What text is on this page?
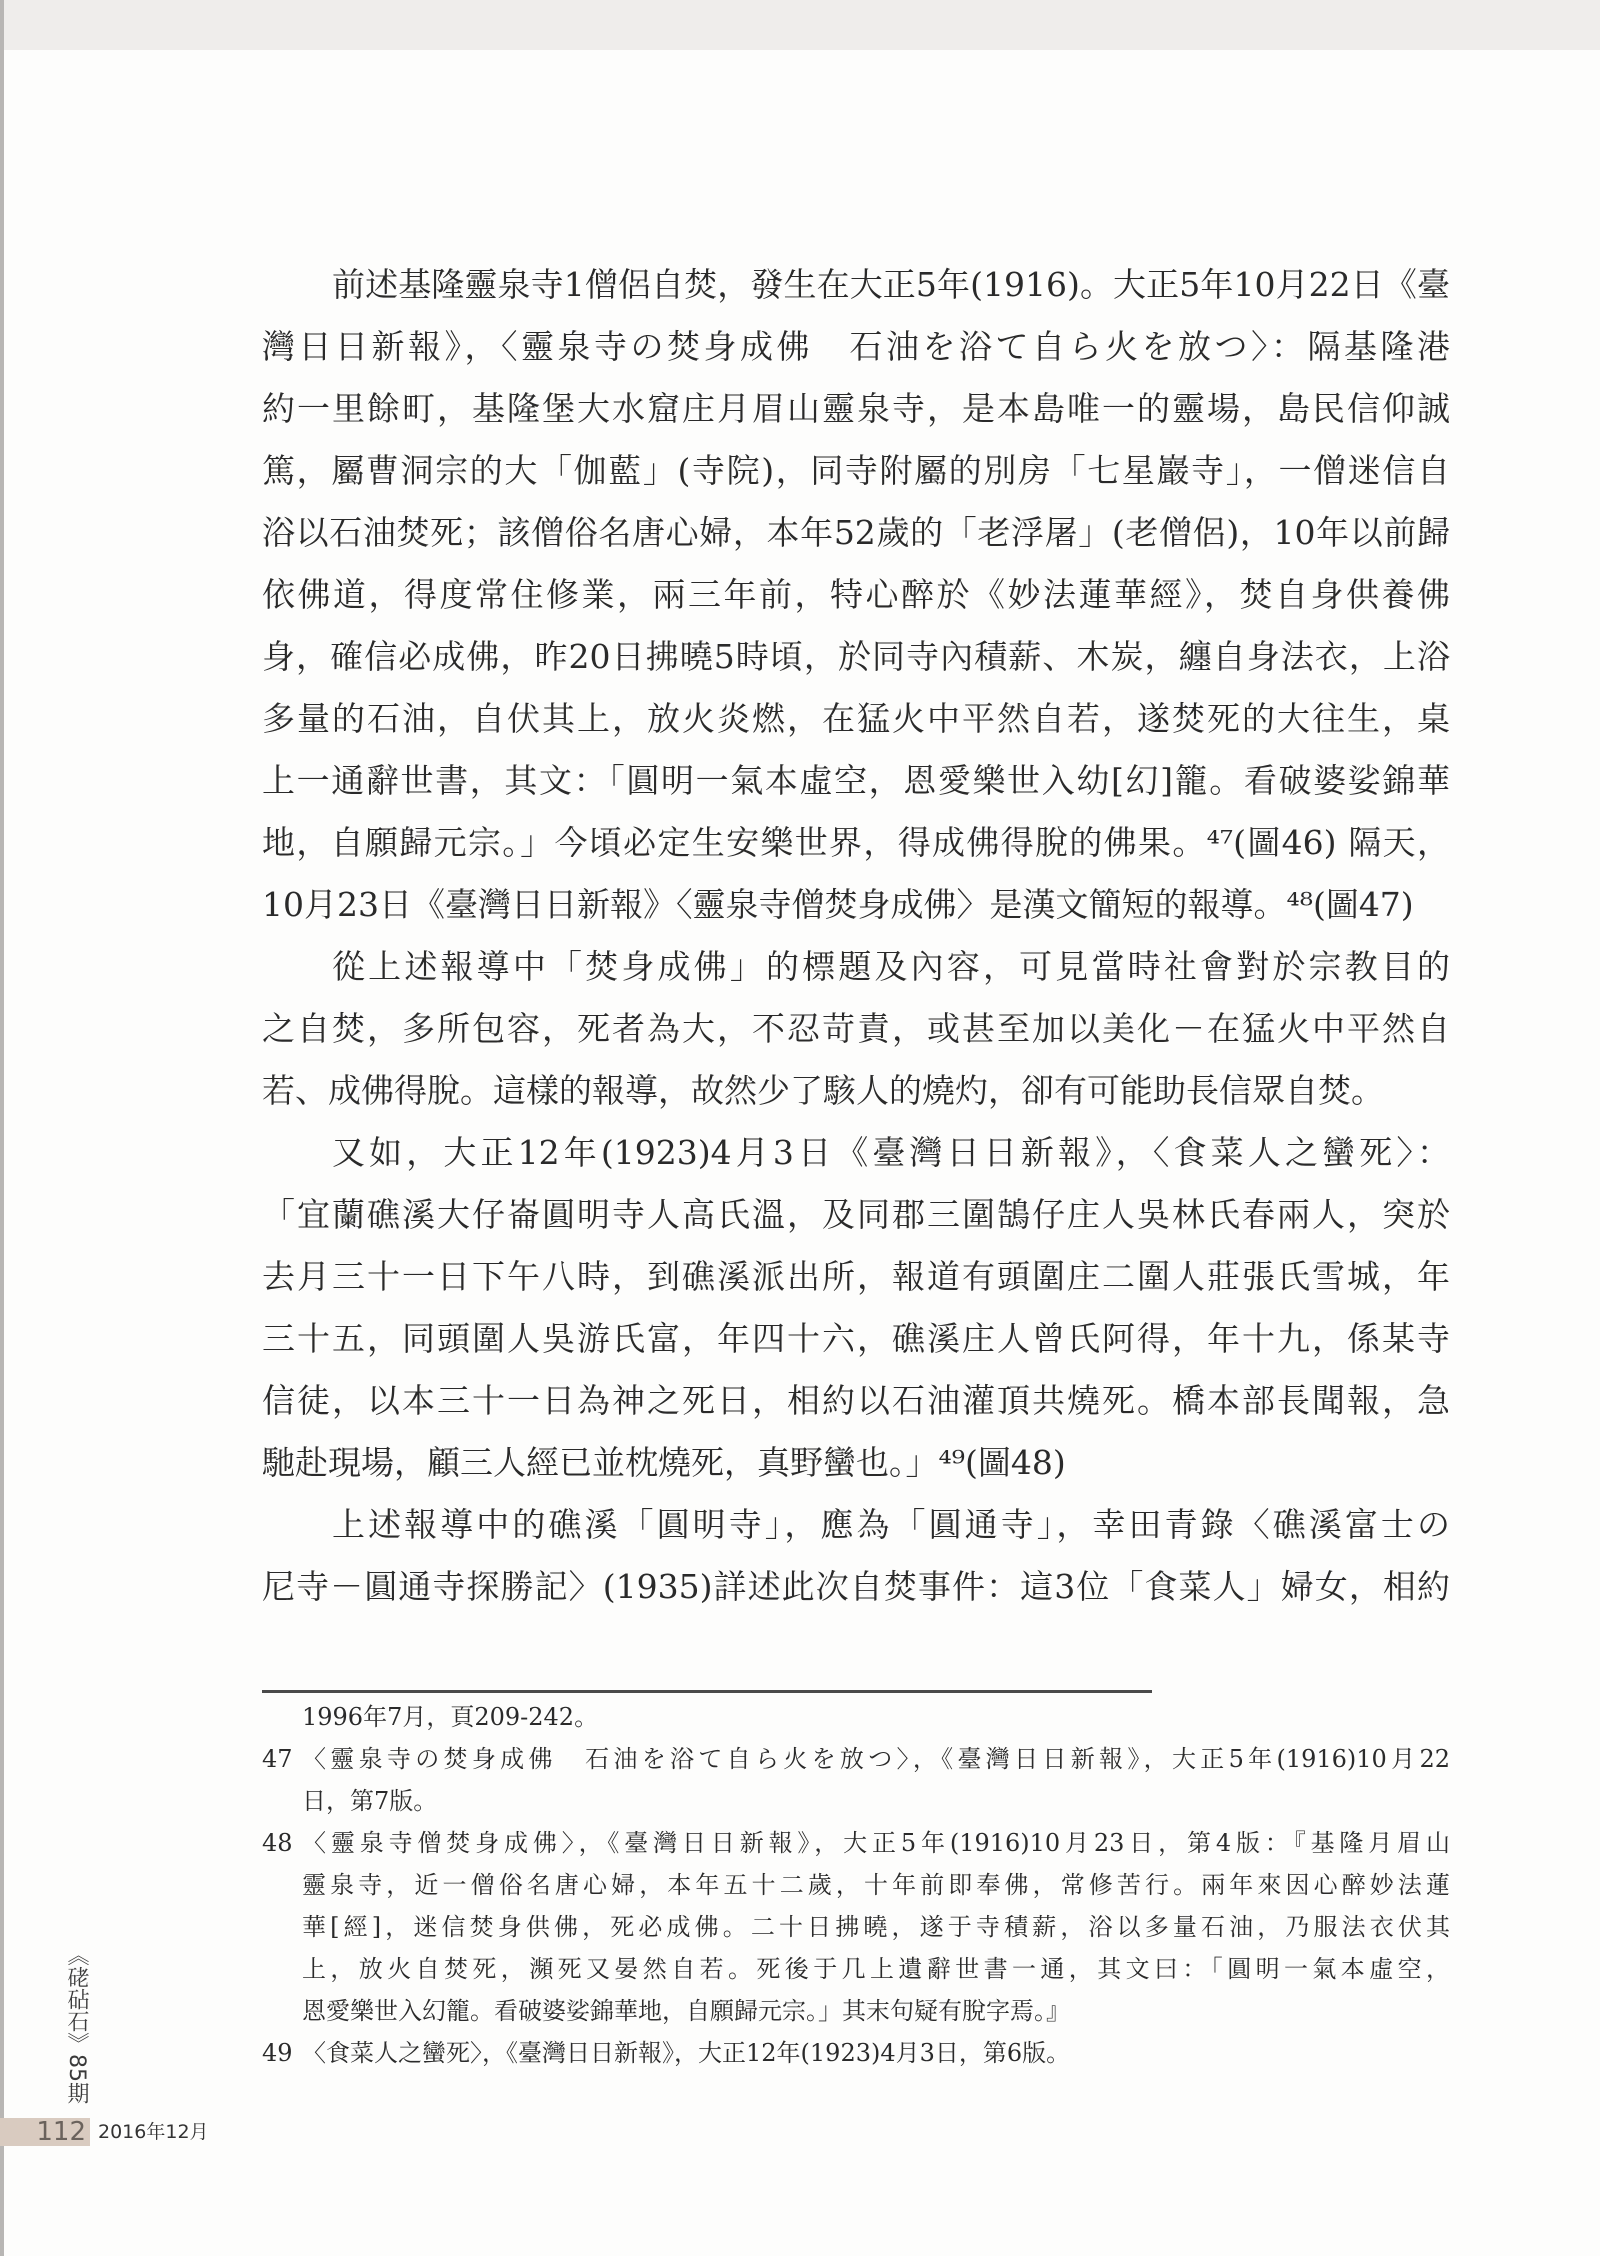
前述基隆靈泉寺1僧侶自焚，發生在大正5年(1916)。大正5年10月22日《臺
灣日日新報》，〈靈泉寺の焚身成佛　石油を浴て自ら火を放つ〉：隔基隆港
約一里餘町，基隆堡大水窟庄月眉山靈泉寺，是本島唯一的靈場，島民信仰誠
篤，屬曹洞宗的大「伽藍」(寺院)，同寺附屬的別房「七星巖寺」，一僧迷信自
浴以石油焚死；該僧俗名唐心婦，本年52歲的「老浮屠」(老僧侶)，10年以前歸
依佛道，得度常住修業，兩三年前，特心醉於《妙法蓮華經》，焚自身供養佛
身，確信必成佛，昨20日拂曉5時頃，於同寺內積薪、木炭，纏自身法衣，上浴
多量的石油，自伏其上，放火炎燃，在猛火中平然自若，遂焚死的大往生，桌
上一通辭世書，其文：「圓明一氣本虛空，恩愛樂世入幼[幻]籠。看破婆娑錦華
地，自願歸元宗。」今頃必定生安樂世界，得成佛得脫的佛果。⁴⁷(圖46) 隔天，
10月23日《臺灣日日新報》〈靈泉寺僧焚身成佛〉是漢文簡短的報導。⁴⁸(圖47)
從上述報導中「焚身成佛」的標題及內容，可見當時社會對於宗教目的
之自焚，多所包容，死者為大，不忍苛責，或甚至加以美化－在猛火中平然自
若、成佛得脫。這樣的報導，故然少了駭人的燒灼，卻有可能助長信眾自焚。
又如，大正12年(1923)4月3日《臺灣日日新報》，〈食菜人之蠻死〉：
「宜蘭礁溪大仔崙圓明寺人高氏溫，及同郡三圍鵠仔庄人吳林氏春兩人，突於
去月三十一日下午八時，到礁溪派出所，報道有頭圍庄二圍人莊張氏雪城，年
三十五，同頭圍人吳游氏富，年四十六，礁溪庄人曾氏阿得，年十九，係某寺
信徒，以本三十一日為神之死日，相約以石油灌頂共燒死。橋本部長聞報，急
馳赴現場，顧三人經已並枕燒死，真野蠻也。」⁴⁹(圖48)
上述報導中的礁溪「圓明寺」，應為「圓通寺」，幸田青錄〈礁溪富士の
尼寺－圓通寺探勝記〉(1935)詳述此次自焚事件：這3位「食菜人」婦女，相約
1996年7月，頁209-242。
47 〈靈泉寺の焚身成佛　石油を浴て自ら火を放つ〉，《臺灣日日新報》，大正5年(1916)10月22
日，第7版。
48 〈靈泉寺僧焚身成佛〉，《臺灣日日新報》，大正5年(1916)10月23日，第4版：『基隆月眉山
靈泉寺，近一僧俗名唐心婦，本年五十二歲，十年前即奉佛，常修苦行。兩年來因心醉妙法蓮
華[經]，迷信焚身供佛，死必成佛。二十日拂曉，遂于寺積薪，浴以多量石油，乃服法衣伏其
上，放火自焚死，瀕死又晏然自若。死後于几上遺辭世書一通，其文曰：「圓明一氣本虛空，
恩愛樂世入幻籠。看破婆娑錦華地，自願歸元宗。」其末句疑有脫字焉。』
49 〈食菜人之蠻死〉，《臺灣日日新報》，大正12年(1923)4月3日，第6版。
《硓砧石》85期
112 2016年12月
